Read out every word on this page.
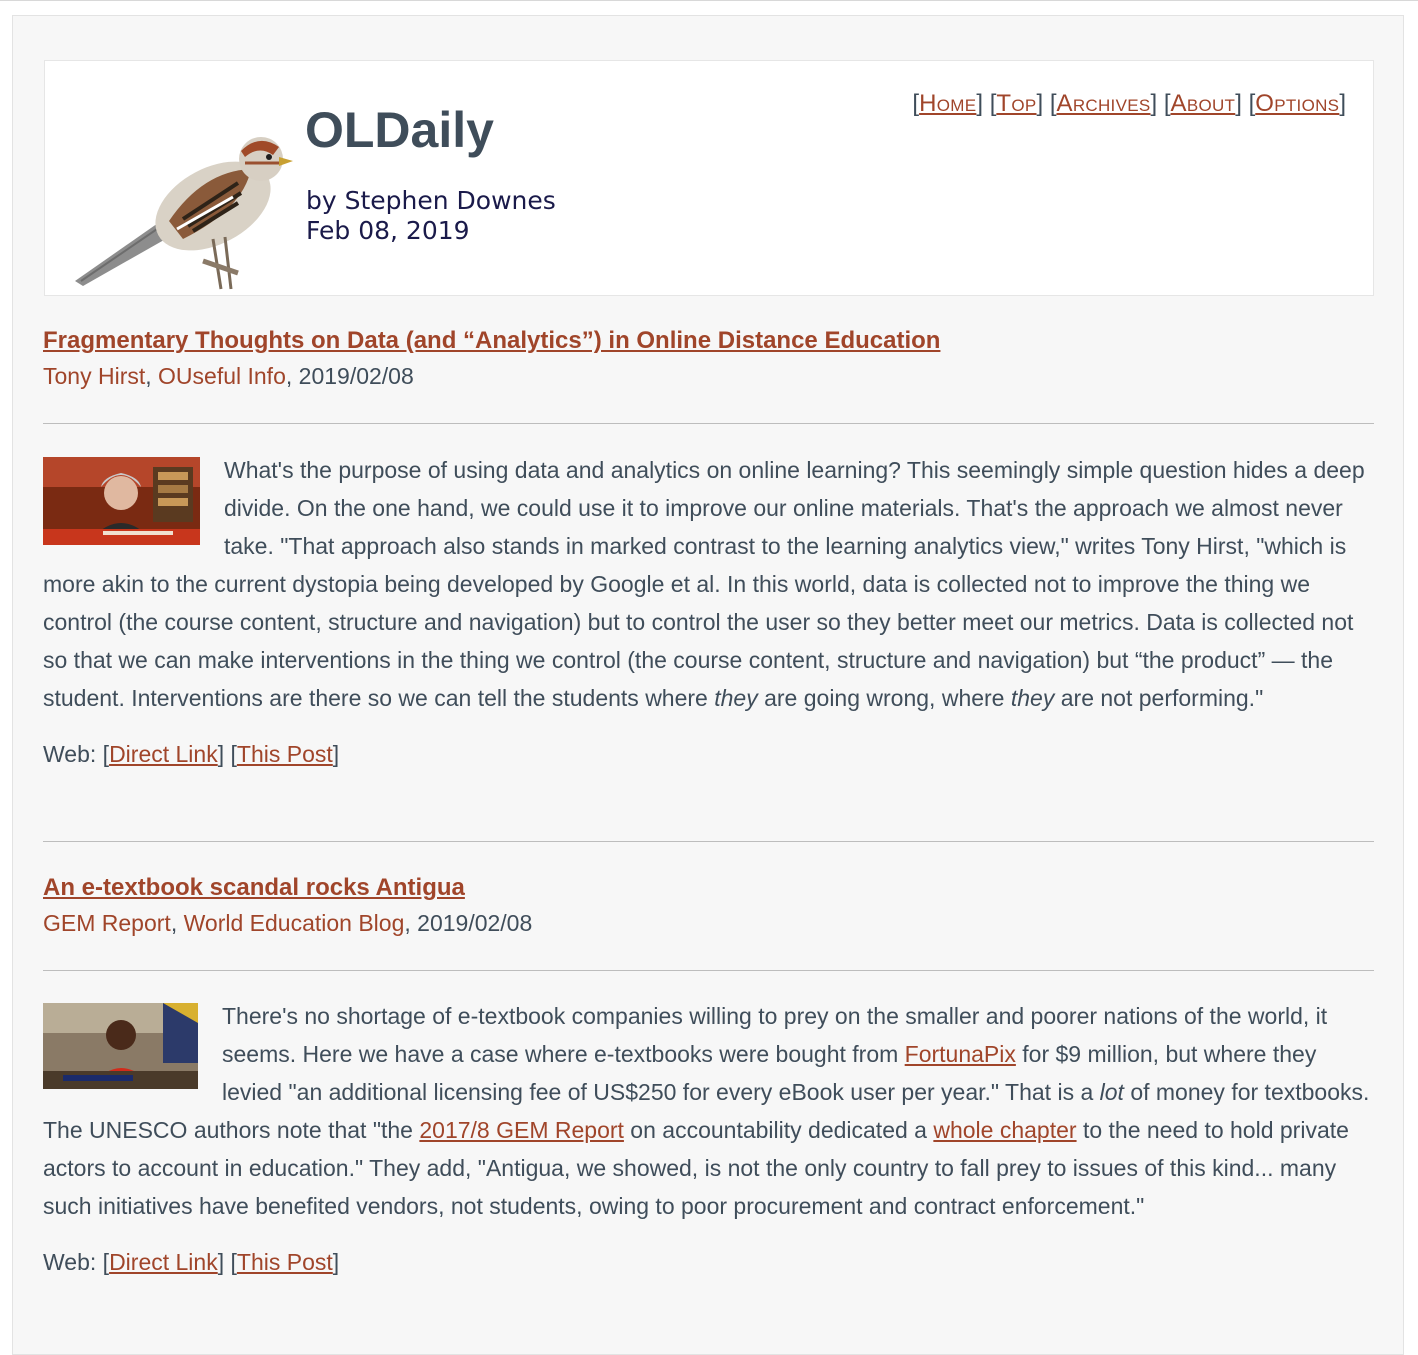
OLDaily
by Stephen Downes
Feb 08, 2019
[Home] [Top] [Archives] [About] [Options]
Fragmentary Thoughts on Data (and “Analytics”) in Online Distance Education
Tony Hirst, OUseful Info, 2019/02/08

What's the purpose of using data and analytics on online learning? This seemingly simple question hides a deep divide. On the one hand, we could use it to improve our online materials. That's the approach we almost never take. "That approach also stands in marked contrast to the learning analytics view," writes Tony Hirst, "which is more akin to the current dystopia being developed by Google et al. In this world, data is collected not to improve the thing we control (the course content, structure and navigation) but to control the user so they better meet our metrics. Data is collected not so that we can make interventions in the thing we control (the course content, structure and navigation) but “the product” — the student. Interventions are there so we can tell the students where they are going wrong, where they are not performing."

Web: [Direct Link] [This Post]
An e-textbook scandal rocks Antigua
GEM Report, World Education Blog, 2019/02/08

There's no shortage of e-textbook companies willing to prey on the smaller and poorer nations of the world, it seems. Here we have a case where e-textbooks were bought from FortunaPix for $9 million, but where they levied "an additional licensing fee of US$250 for every eBook user per year." That is a lot of money for textbooks. The UNESCO authors note that "the 2017/8 GEM Report on accountability dedicated a whole chapter to the need to hold private actors to account in education." They add, "Antigua, we showed, is not the only country to fall prey to issues of this kind... many such initiatives have benefited vendors, not students, owing to poor procurement and contract enforcement."

Web: [Direct Link] [This Post]
